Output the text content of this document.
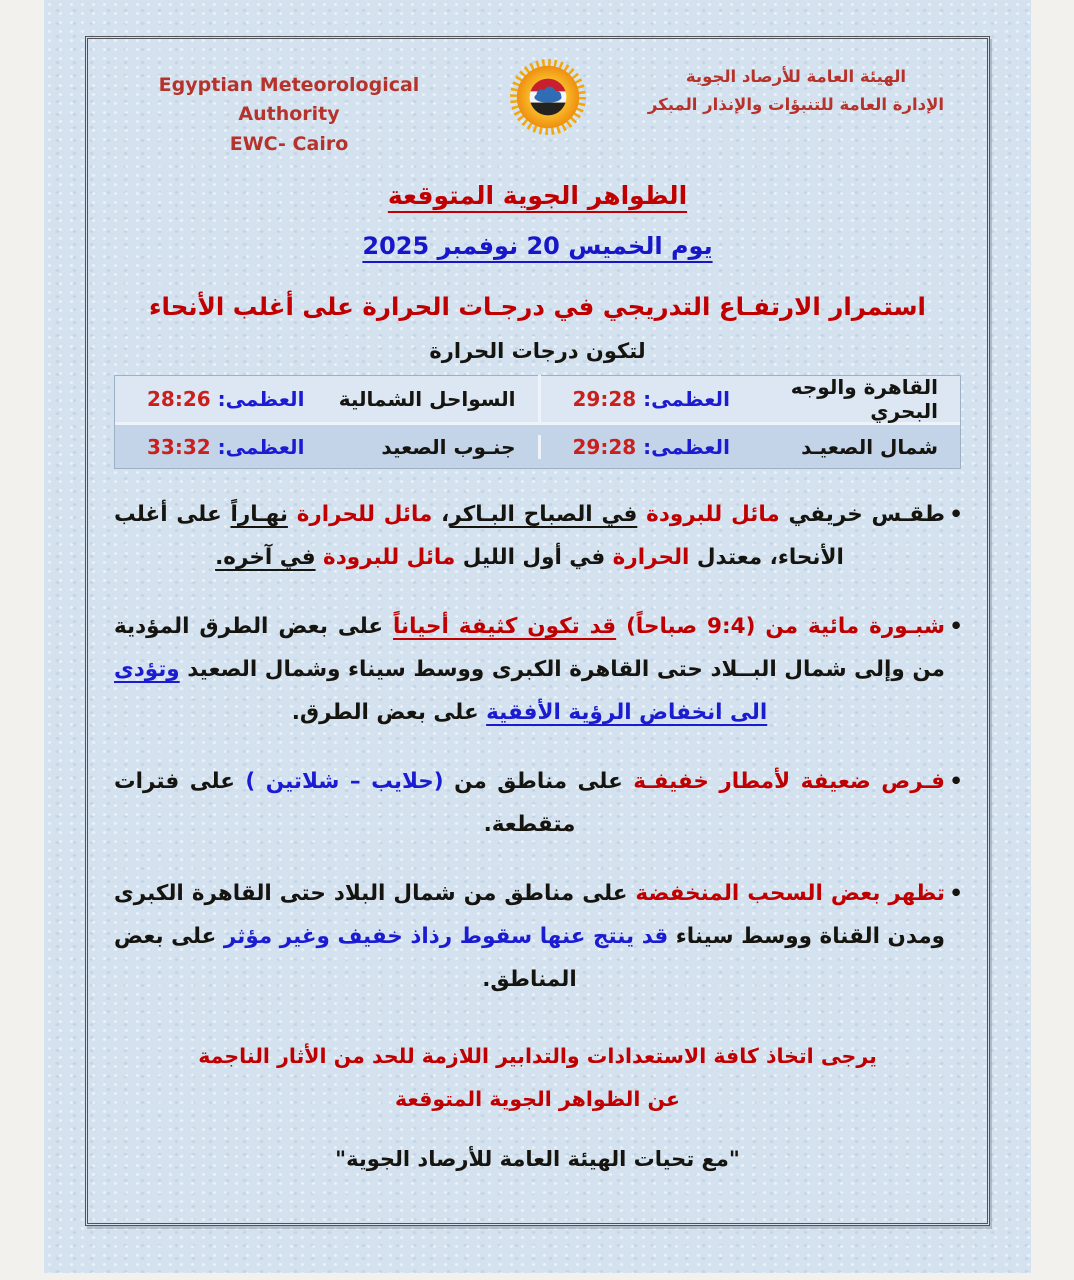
Egyptian Meteorological Authority
EWC- Cairo
الهيئة العامة للأرصاد الجوية
الإدارة العامة للتنبؤات والإنذار المبكر
الظواهر الجوية المتوقعة
يوم الخميس 20 نوفمبر 2025
استمرار الارتفـاع التدريجي في درجـات الحرارة على أغلب الأنحاء
لتكون درجات الحرارة
القاهرة والوجه البحري
العظمى: 29:28
السواحل الشمالية
العظمى: 28:26
شمال الصعيـد
العظمى: 29:28
جنـوب الصعيد
العظمى: 33:32

• طقـس خريفي مائل للبرودة في الصباح البـاكر، مائل للحرارة نهـاراً على أغلب الأنحاء، معتدل الحرارة في أول الليل مائل للبرودة في آخره.

• شبـورة مائية من (9:4 صباحاً) قد تكون كثيفة أحياناً على بعض الطرق المؤدية من وإلى شمال البــلاد حتى القاهرة الكبرى ووسط سيناء وشمال الصعيد وتؤدى الى انخفاض الرؤية الأفقية على بعض الطرق.

• فـرص ضعيفة لأمطار خفيفـة على مناطق من (حلايب – شلاتين ) على فترات متقطعة.

• تظهر بعض السحب المنخفضة على مناطق من شمال البلاد حتى القاهرة الكبرى ومدن القناة ووسط سيناء قد ينتج عنها سقوط رذاذ خفيف وغير مؤثر على بعض المناطق.

يرجى اتخاذ كافة الاستعدادات والتدابير اللازمة للحد من الأثار الناجمة
عن الظواهر الجوية المتوقعة
"مع تحيات الهيئة العامة للأرصاد الجوية"
